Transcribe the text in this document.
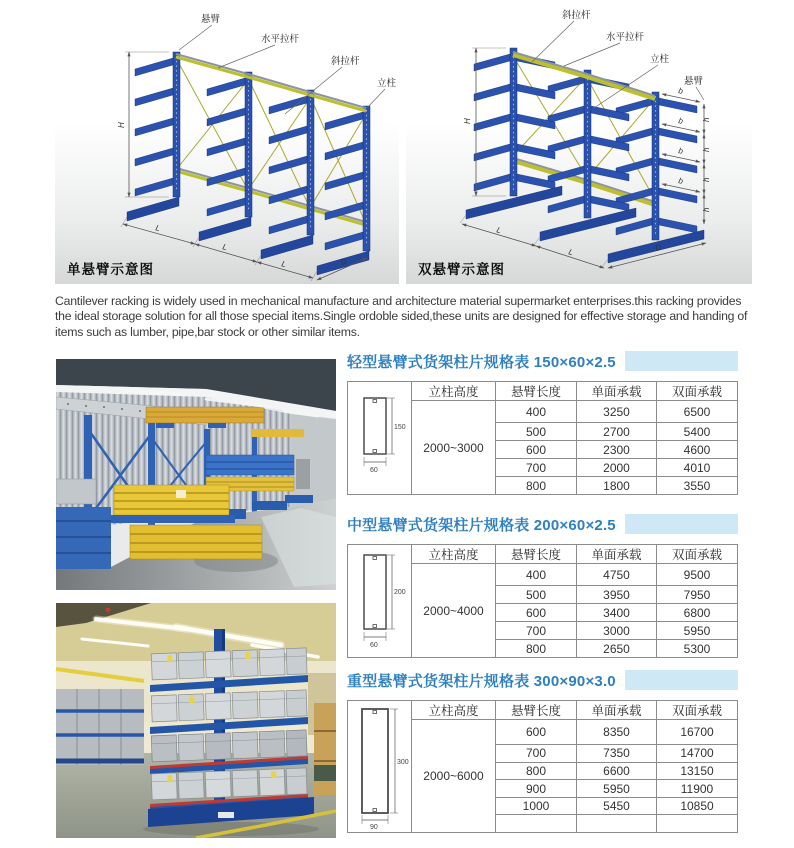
悬臂
水平拉杆
斜拉杆
立柱
H
L
L
L	D
单悬臂示意图
斜拉杆
水平拉杆
立柱
悬臂
H
b
b
b
b
h
h
h
h
L
L	D
双悬臂示意图

Cantilever racking is widely used in mechanical manufacture and architecture material supermarket enterprises.this racking provides the ideal storage solution for all those special items.Single ordoble sided,these units are designed for effective storage and handing of items such as lumber, pipe,bar stock or other similar items.

轻型悬臂式货架柱片规格表 150×60×2.5
150
60	立柱高度	悬臂长度	单面承载	双面承载
	2000~3000	400	3250	6500
		500	2700	5400
		600	2300	4600
		700	2000	4010
		800	1800	3550
中型悬臂式货架柱片规格表 200×60×2.5
200
60	立柱高度	悬臂长度	单面承载	双面承载
	2000~4000	400	4750	9500
		500	3950	7950
		600	3400	6800
		700	3000	5950
		800	2650	5300
重型悬臂式货架柱片规格表 300×90×3.0
300
90	立柱高度	悬臂长度	单面承载	双面承载
	2000~6000	600	8350	16700
		700	7350	14700
		800	6600	13150
		900	5950	11900
		1000	5450	10850
